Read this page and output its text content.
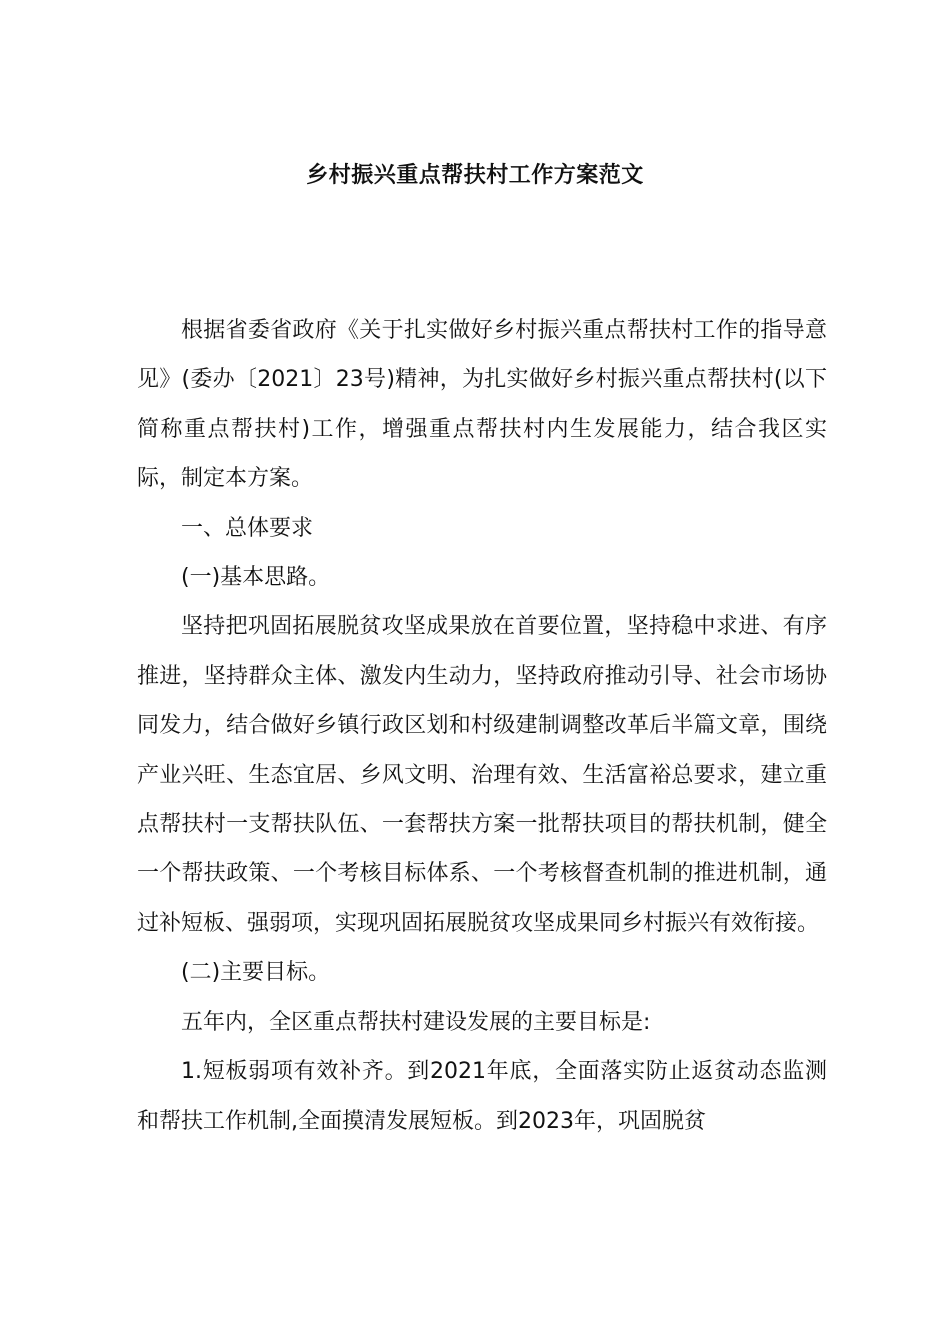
乡村振兴重点帮扶村工作方案范文

根据省委省政府《关于扎实做好乡村振兴重点帮扶村工作的指导意见》(委办〔2021〕23号)精神，为扎实做好乡村振兴重点帮扶村(以下简称重点帮扶村)工作，增强重点帮扶村内生发展能力，结合我区实际，制定本方案。

一、总体要求

(一)基本思路。

坚持把巩固拓展脱贫攻坚成果放在首要位置，坚持稳中求进、有序推进，坚持群众主体、激发内生动力，坚持政府推动引导、社会市场协同发力，结合做好乡镇行政区划和村级建制调整改革后半篇文章，围绕产业兴旺、生态宜居、乡风文明、治理有效、生活富裕总要求，建立重点帮扶村一支帮扶队伍、一套帮扶方案一批帮扶项目的帮扶机制，健全一个帮扶政策、一个考核目标体系、一个考核督查机制的推进机制，通过补短板、强弱项，实现巩固拓展脱贫攻坚成果同乡村振兴有效衔接。

(二)主要目标。

五年内，全区重点帮扶村建设发展的主要目标是:

1.短板弱项有效补齐。到2021年底，全面落实防止返贫动态监测和帮扶工作机制,全面摸清发展短板。到2023年，巩固脱贫
